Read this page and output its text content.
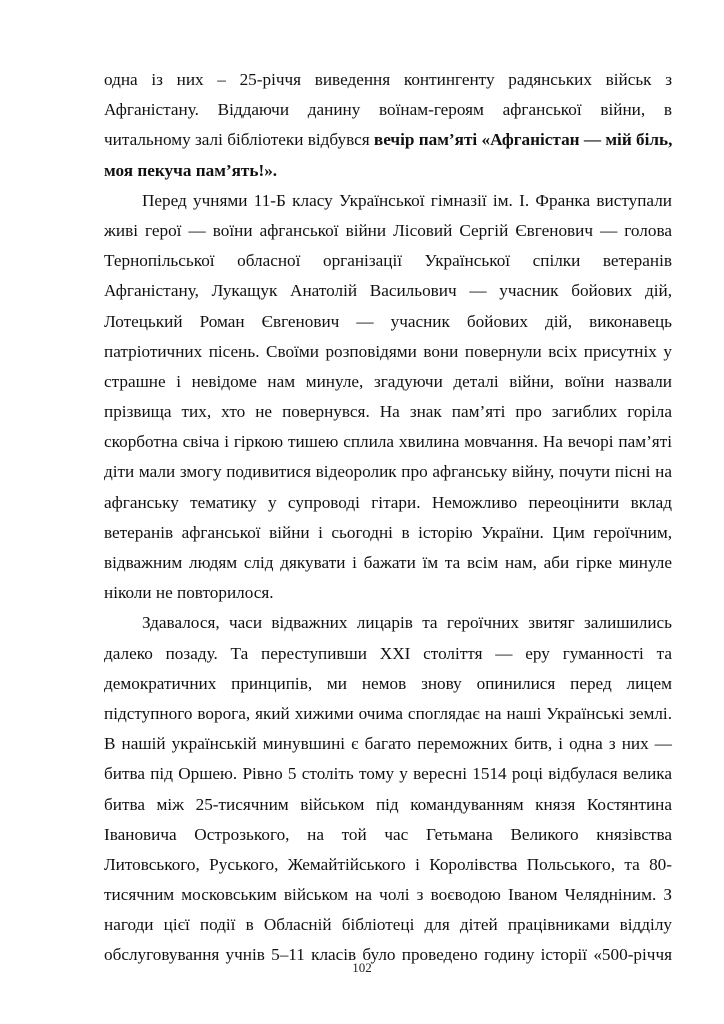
одна із них – 25-річчя виведення контингенту радянських військ з
Афганістану. Віддаючи данину воїнам-героям афганської війни, в
читальному залі бібліотеки відбувся вечір пам’яті «Афганістан — мій біль,
моя пекуча пам’ять!».
Перед учнями 11-Б класу Української гімназії ім. І. Франка виступали
живі герої — воїни афганської війни Лісовий Сергій Євгенович — голова
Тернопільської обласної організації Української спілки ветеранів
Афганістану, Лукащук Анатолій Васильович — учасник бойових дій,
Лотецький Роман Євгенович — учасник бойових дій, виконавець
патріотичних пісень. Своїми розповідями вони повернули всіх присутніх у
страшне і невідоме нам минуле, згадуючи деталі війни, воїни назвали
прізвища тих, хто не повернувся. На знак пам’яті про загиблих горіла
скорботна свіча і гіркою тишею сплила хвилина мовчання. На вечорі пам’яті
діти мали змогу подивитися відеоролик про афганську війну, почути пісні на
афганську тематику у супроводі гітари. Неможливо переоцінити вклад
ветеранів афганської війни і сьогодні в історію України. Цим героїчним,
відважним людям слід дякувати і бажати їм та всім нам, аби гірке минуле
ніколи не повторилося.
Здавалося, часи відважних лицарів та героїчних звитяг залишились
далеко позаду. Та переступивши XXI століття — еру гуманності та
демократичних принципів, ми немов знову опинилися перед лицем
підступного ворога, який хижими очима споглядає на наші Українські землі.
В нашій українській минувшині є багато переможних битв, і одна з них —
битва під Оршею. Рівно 5 століть тому у вересні 1514 році відбулася велика
битва між 25-тисячним військом під командуванням князя Костянтина
Івановича Острозького, на той час Гетьмана Великого князівства
Литовського, Руського, Жемайтійського і Королівства Польського, та 80-
тисячним московським військом на чолі з воєводою Іваном Челядніним. З
нагоди цієї події в Обласній бібліотеці для дітей працівниками відділу
обслуговування учнів 5–11 класів було проведено годину історії «500-річчя
102
